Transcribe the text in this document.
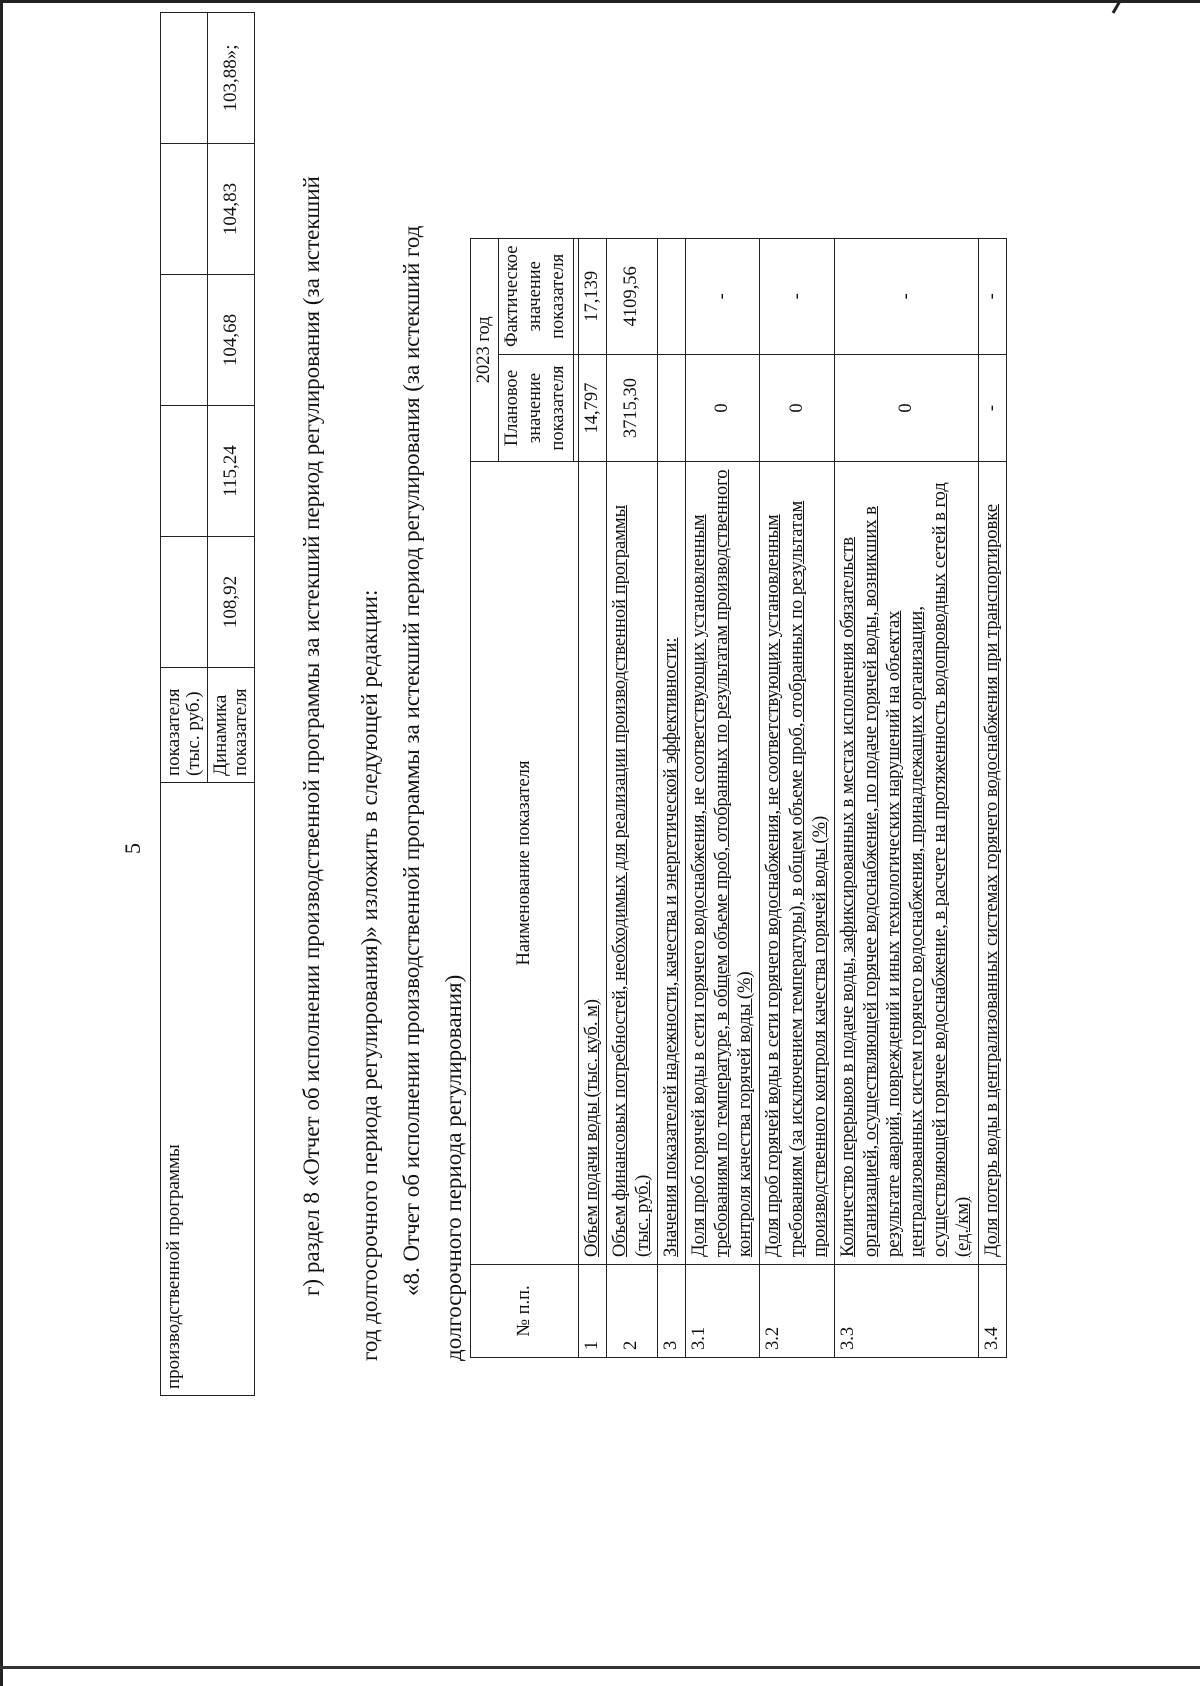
5
производственной программы	показателя (тыс. руб.)					
	Динамика показателя	108,92	115,24	104,68	104,83	103,88»;
г) раздел 8 «Отчет об исполнении производственной программы за истекший период регулирования (за истекший год долгосрочного периода регулирования)» изложить в следующей редакции: «8. Отчет об исполнении производственной программы за истекший период регулирования (за истекший год долгосрочного периода регулирования)	№ п.п.	Наименование показателя	2023 год	
		Плановое значение показателя	Фактическое значение показателя

1	Объем подачи воды (тыс. куб. м)	14,797	17,139
2	Объем финансовых потребностей, необходимых для реализации производственной программы (тыс. руб.)	3715,30	4109,56
3	Значения показателей надежности, качества и энергетической эффективности:		
3.1	Доля проб горячей воды в сети горячего водоснабжения, не соответствующих установленным требованиям по температуре, в общем объеме проб, отобранных по результатам производственного контроля качества горячей воды (%)	0	-
3.2	Доля проб горячей воды в сети горячего водоснабжения, не соответствующих установленным требованиям (за исключением температуры), в общем объеме проб, отобранных по результатам производственного контроля качества горячей воды (%)	0	-
3.3	Количество перерывов в подаче воды, зафиксированных в местах исполнения обязательств организацией, осуществляющей горячее водоснабжение, по подаче горячей воды, возникших в результате аварий, повреждений и иных технологических нарушений на объектах централизованных систем горячего водоснабжения, принадлежащих организации, осуществляющей горячее водоснабжение, в расчете на протяженность водопроводных сетей в год (ед./км)	0	-
3.4	Доля потерь воды в централизованных системах горячего водоснабжения при транспортировке	-	-
